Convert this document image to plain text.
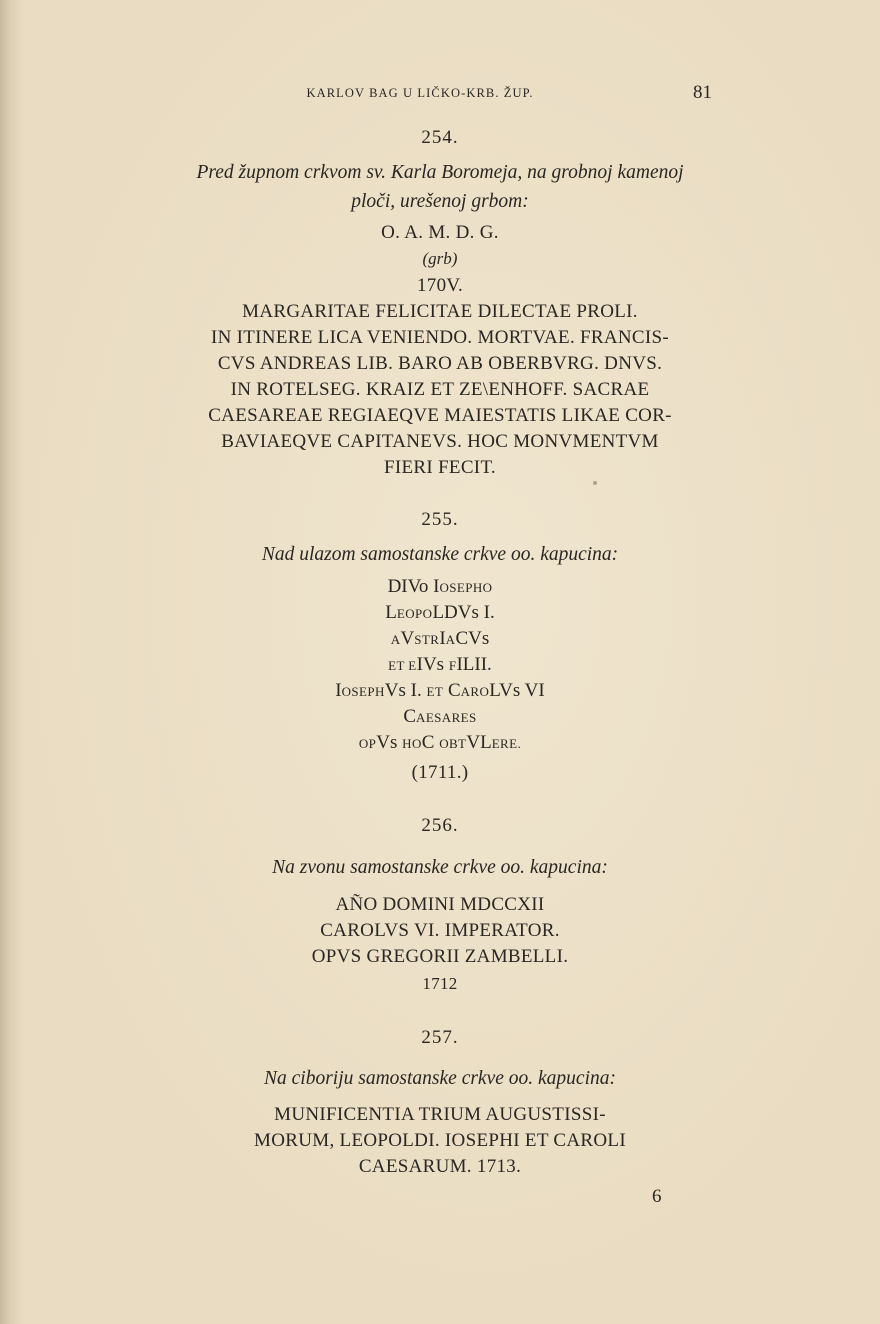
KARLOV BAG U LIČKO-KRB. ŽUP.	81
254.
Pred župnom crkvom sv. Karla Boromeja, na grobnoj kamenoj
ploči, urešenoj grbom:
O. A. M. D. G.
(grb)
170V.
MARGARITAE FELICITAE DILECTAE PROLI.
IN ITINERE LICA VENIENDO. MORTVAE. FRANCIS-
CVS ANDREAS LIB. BARO AB OBERBVRG. DNVS.
IN ROTELSEG. KRAIZ ET ZE\ENHOFF. SACRAE
CAESAREAE REGIAEQVE MAIESTATIS LIKAE COR-
BAVIAEQVE CAPITANEVS. HOC MONVMENTVM
FIERI FECIT.
255.
Nad ulazom samostanske crkve oo. kapucina:
DIVo IOSEPHO
LEOPOLDVs I.
AVSTRIACVs
ET EIVs FILII.
IOSEPHVs I. ET CAROLVs VI
CAESARES
OPVs HOC OBTVLERE.
(1711.)
256.
Na zvonu samostanske crkve oo. kapucina:
AÑO DOMINI MDCCXII
CAROLVS VI. IMPERATOR.
OPVS GREGORII ZAMBELLI.
1712
257.
Na ciboriju samostanske crkve oo. kapucina:
MUNIFICENTIA TRIUM AUGUSTISSI-
MORUM, LEOPOLDI. IOSEPHI ET CAROLI
CAESARUM. 1713.
6
